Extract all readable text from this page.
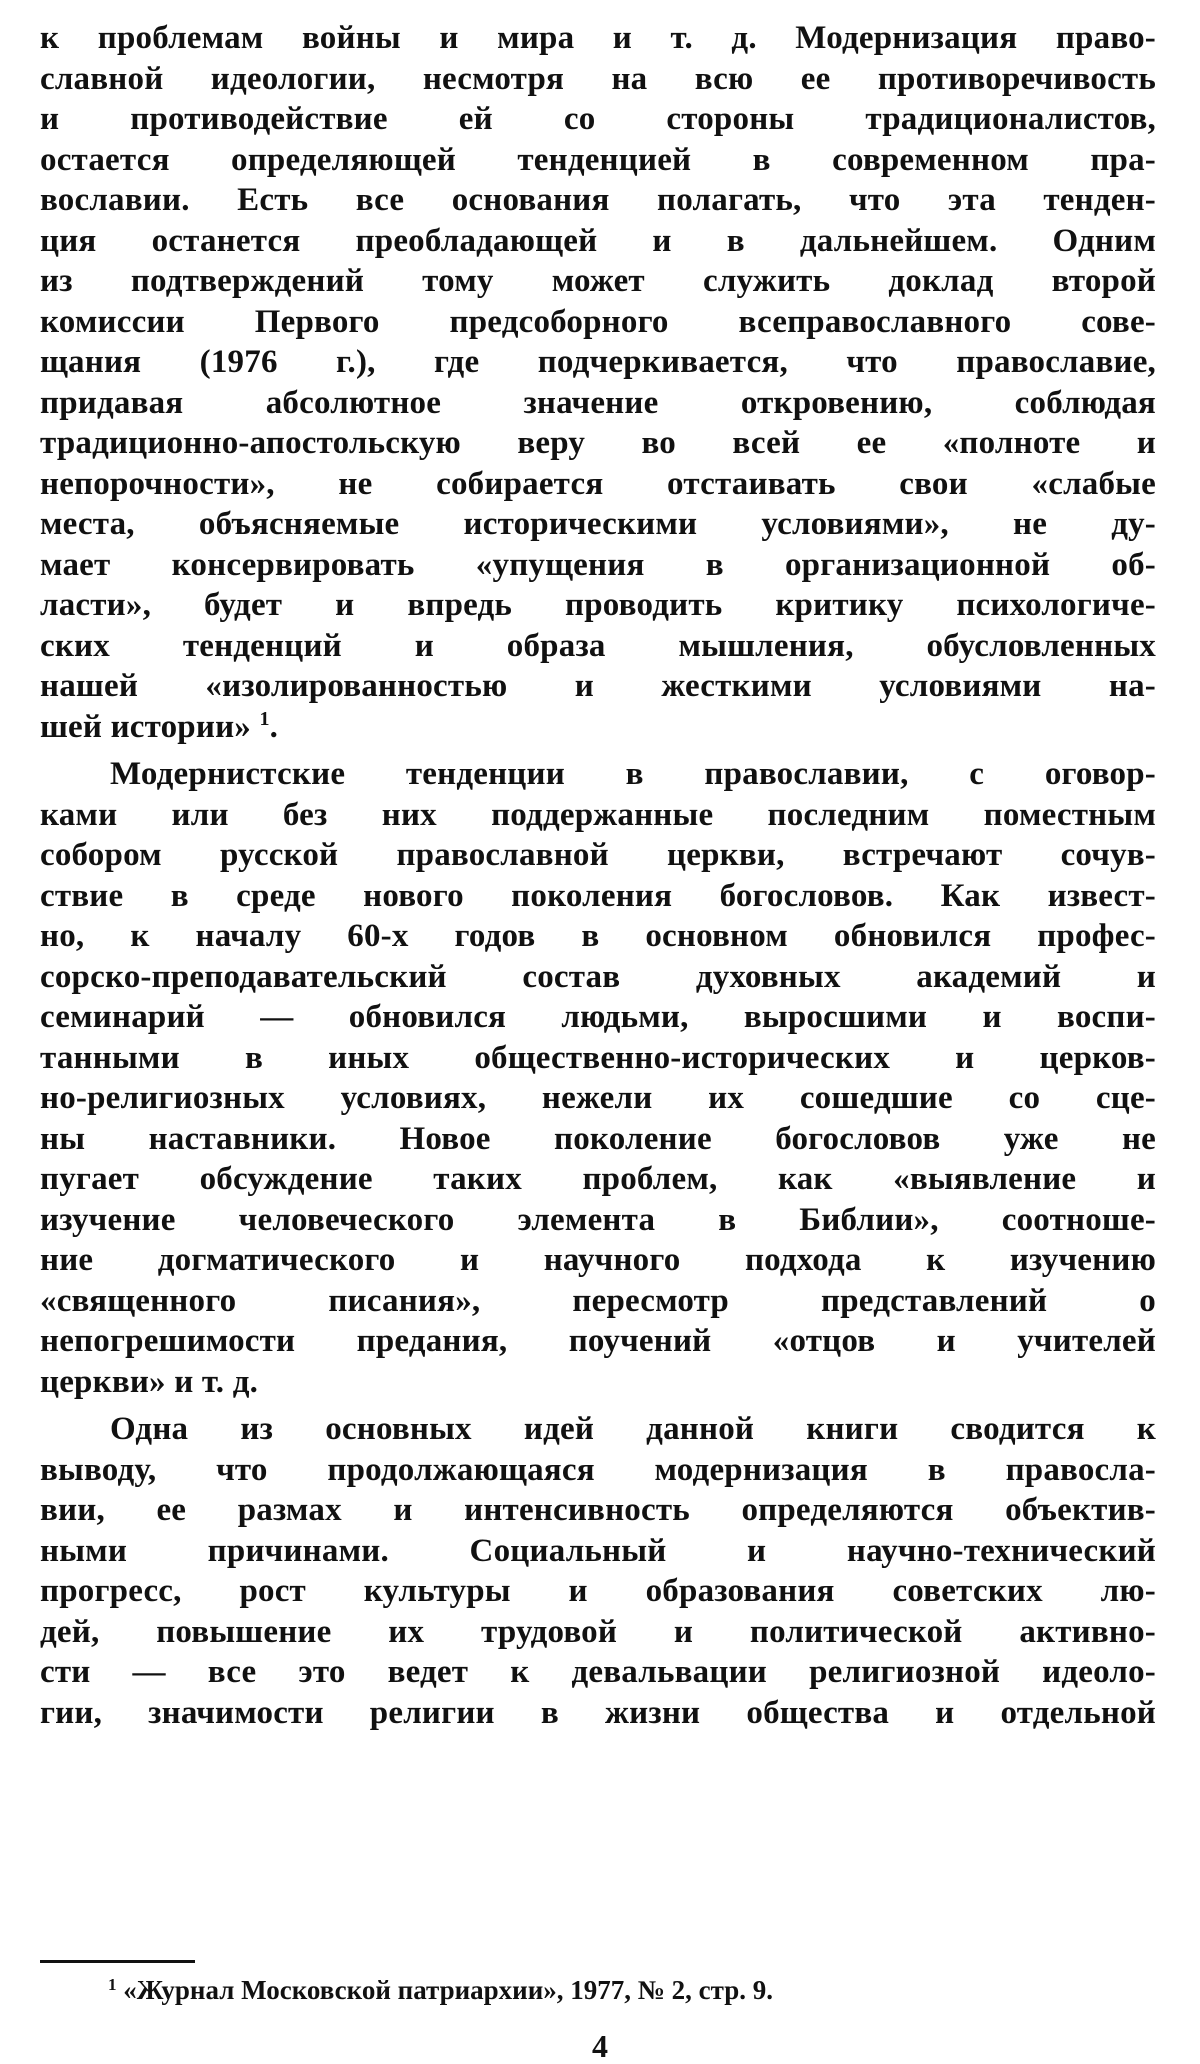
к проблемам войны и мира и т. д. Модернизация право-
славной идеологии, несмотря на всю ее противоречивость
и противодействие ей со стороны традиционалистов,
остается определяющей тенденцией в современном пра-
вославии. Есть все основания полагать, что эта тенден-
ция останется преобладающей и в дальнейшем. Одним
из подтверждений тому может служить доклад второй
комиссии Первого предсоборного всеправославного сове-
щания (1976 г.), где подчеркивается, что православие,
придавая абсолютное значение откровению, соблюдая
традиционно-апостольскую веру во всей ее «полноте и
непорочности», не собирается отстаивать свои «слабые
места, объясняемые историческими условиями», не ду-
мает консервировать «упущения в организационной об-
ласти», будет и впредь проводить критику психологиче-
ских тенденций и образа мышления, обусловленных
нашей «изолированностью и жесткими условиями на-
шей истории» $^1$.
Модернистские тенденции в православии, с оговор-
ками или без них поддержанные последним поместным
собором русской православной церкви, встречают сочув-
ствие в среде нового поколения богословов. Как извест-
но, к началу 60-х годов в основном обновился профес-
сорско-преподавательский состав духовных академий и
семинарий — обновился людьми, выросшими и воспи-
танными в иных общественно-исторических и церков-
но-религиозных условиях, нежели их сошедшие со сце-
ны наставники. Новое поколение богословов уже не
пугает обсуждение таких проблем, как «выявление и
изучение человеческого элемента в Библии», соотноше-
ние догматического и научного подхода к изучению
«священного писания», пересмотр представлений о
непогрешимости предания, поучений «отцов и учителей
церкви» и т. д.
Одна из основных идей данной книги сводится к
выводу, что продолжающаяся модернизация в правосла-
вии, ее размах и интенсивность определяются объектив-
ными причинами. Социальный и научно-технический
прогресс, рост культуры и образования советских лю-
дей, повышение их трудовой и политической активно-
сти — все это ведет к девальвации религиозной идеоло-
гии, значимости религии в жизни общества и отдельной
$^1$ «Журнал Московской патриархии», 1977, № 2, стр. 9.
4
